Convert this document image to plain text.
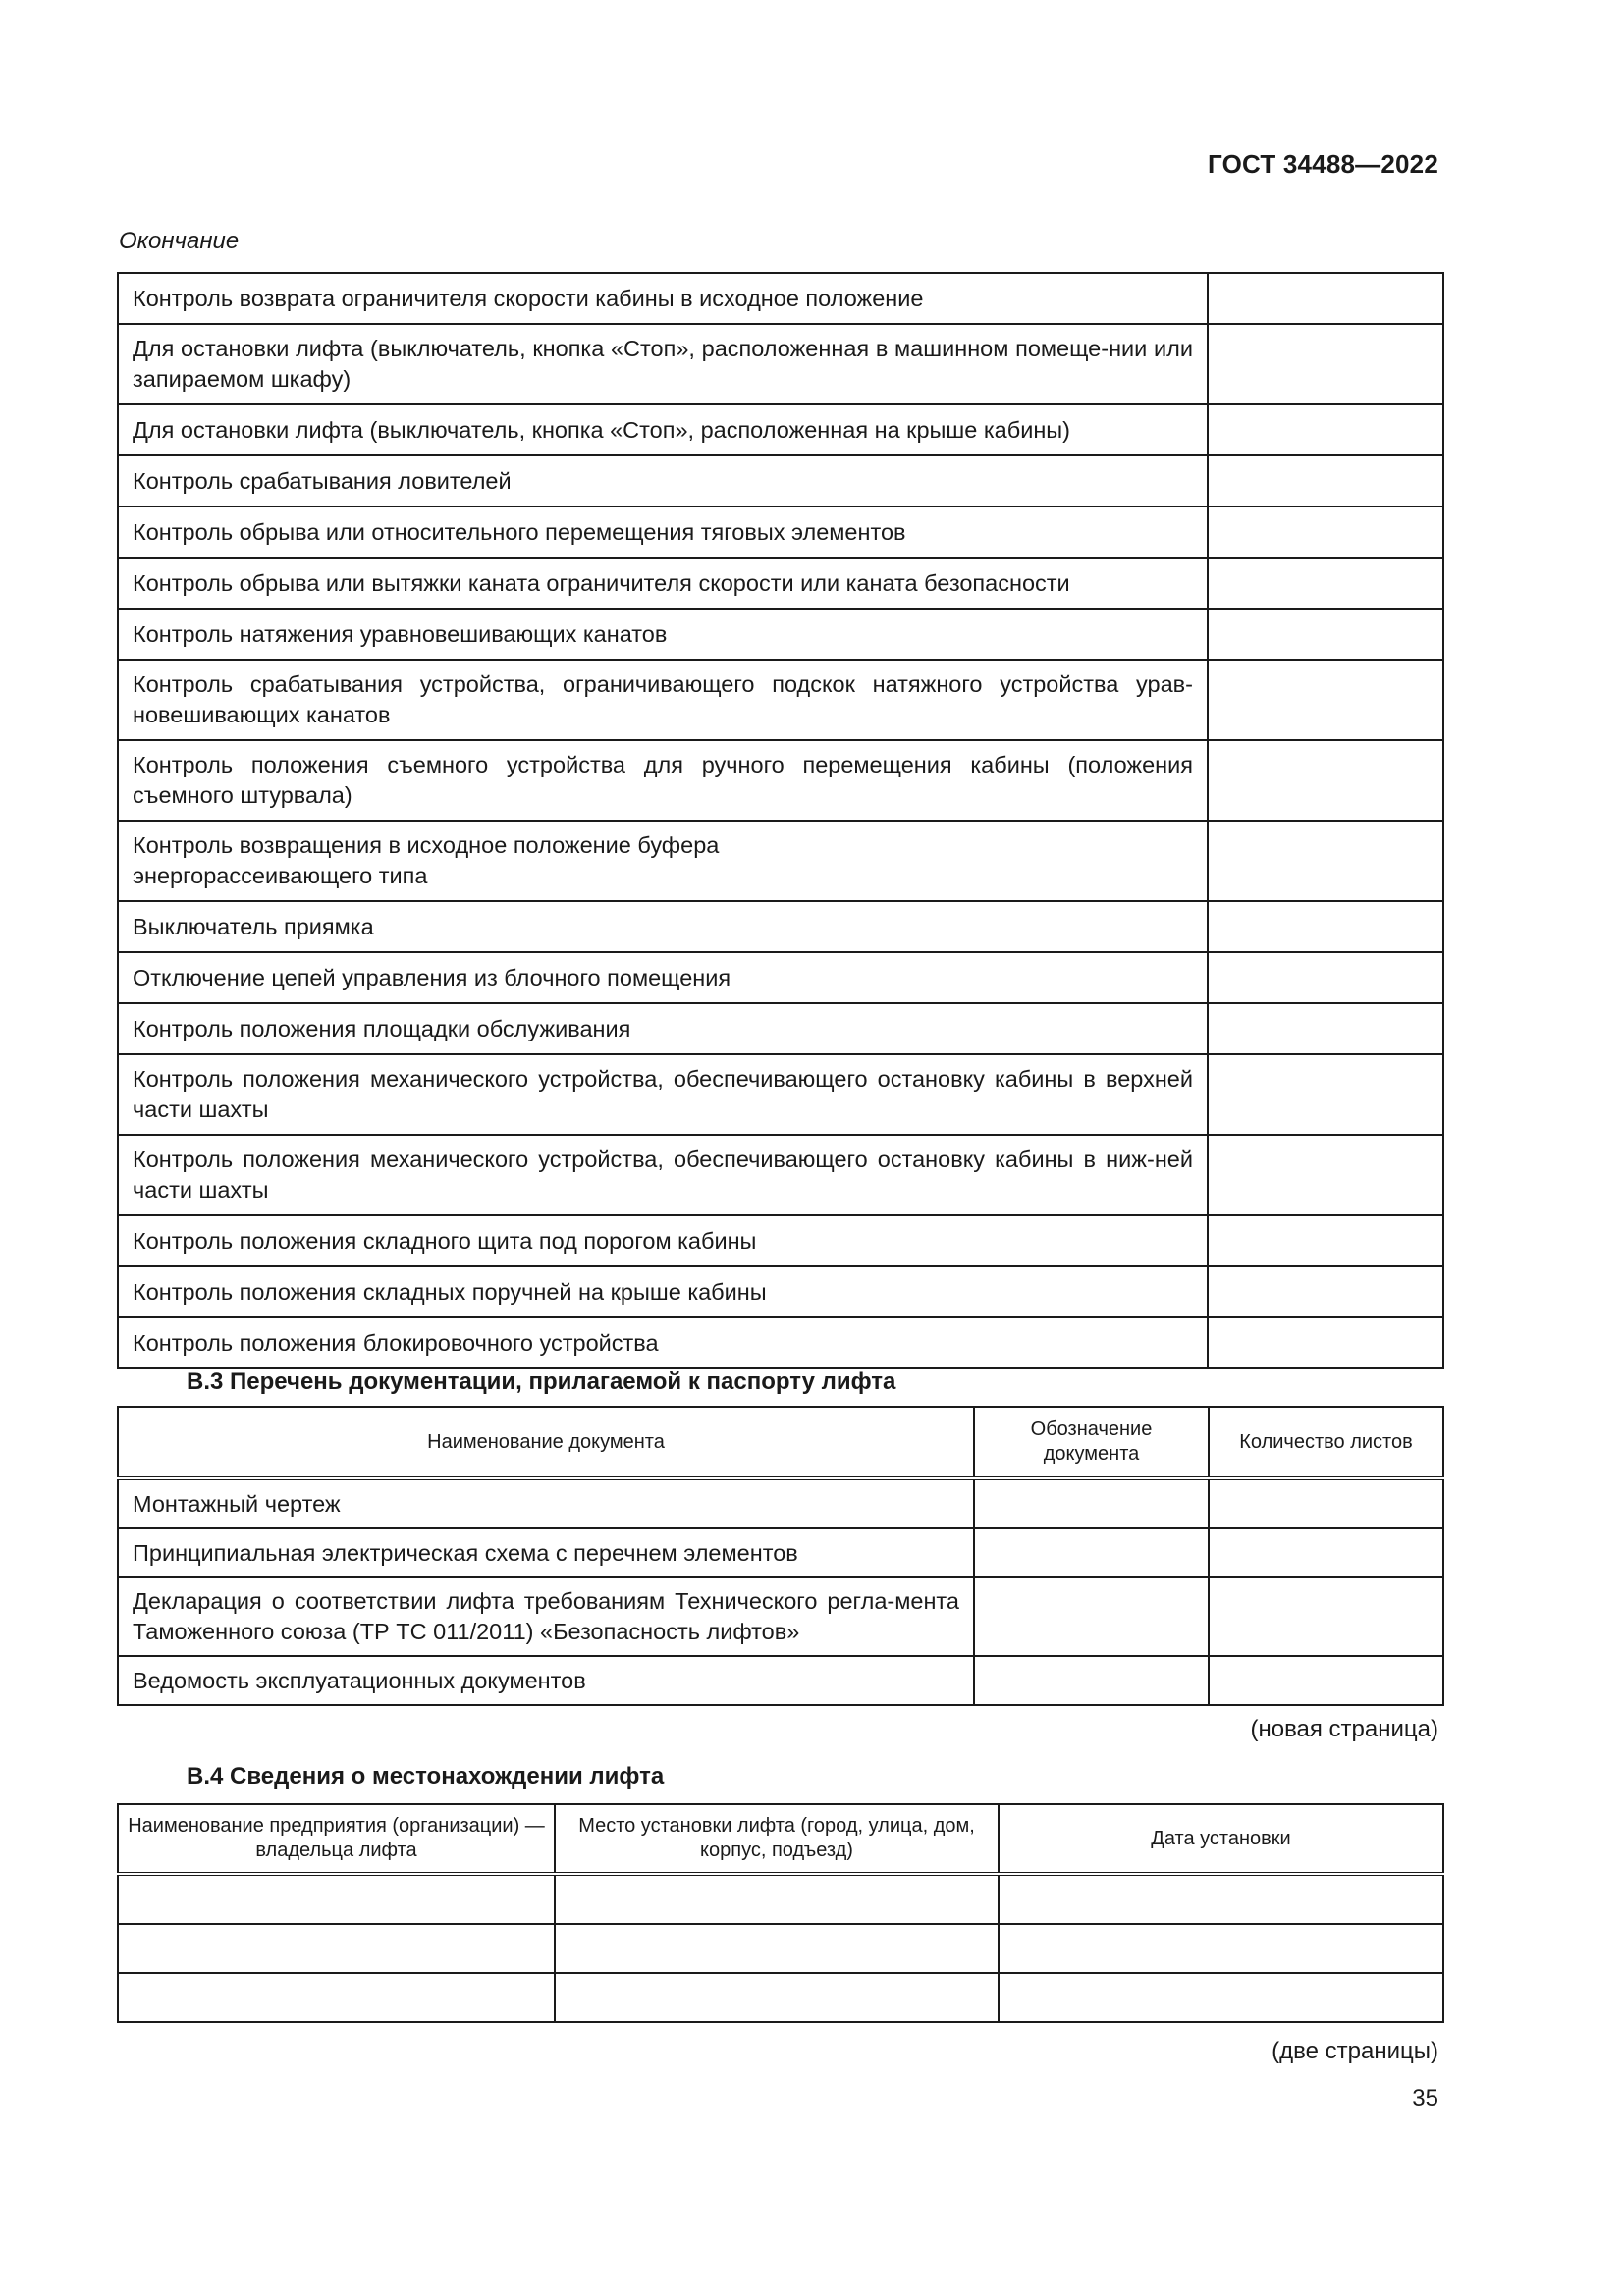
ГОСТ 34488—2022
Окончание
Контроль возврата ограничителя скорости кабины в исходное положение	
Для остановки лифта (выключатель, кнопка «Стоп», расположенная в машинном помеще-нии или запираемом шкафу)	
Для остановки лифта (выключатель, кнопка «Стоп», расположенная на крыше кабины)	
Контроль срабатывания ловителей	
Контроль обрыва или относительного перемещения тяговых элементов	
Контроль обрыва или вытяжки каната ограничителя скорости или каната безопасности	
Контроль натяжения уравновешивающих канатов	
Контроль срабатывания устройства, ограничивающего подскок натяжного устройства урав-новешивающих канатов	
Контроль положения съемного устройства для ручного перемещения кабины (положения съемного штурвала)	
Контроль возвращения в исходное положение буфера
энергорассеивающего типа	
Выключатель приямка	
Отключение цепей управления из блочного помещения	
Контроль положения площадки обслуживания	
Контроль положения механического устройства, обеспечивающего остановку кабины в верхней части шахты	
Контроль положения механического устройства, обеспечивающего остановку кабины в ниж-ней части шахты	
Контроль положения складного щита под порогом кабины	
Контроль положения складных поручней на крыше кабины	
Контроль положения блокировочного устройства	
В.3 Перечень документации, прилагаемой к паспорту лифта
Наименование документа	Обозначение документа	Количество листов
Монтажный чертеж		
Принципиальная электрическая схема с перечнем элементов		
Декларация о соответствии лифта требованиям Технического регла-мента Таможенного союза (ТР ТС 011/2011) «Безопасность лифтов»		
Ведомость эксплуатационных документов		
(новая страница)
В.4 Сведения о местонахождении лифта
Наименование предприятия (организации) — владельца лифта	Место установки лифта (город, улица, дом, корпус, подъезд)	Дата установки

(две страницы)
35
